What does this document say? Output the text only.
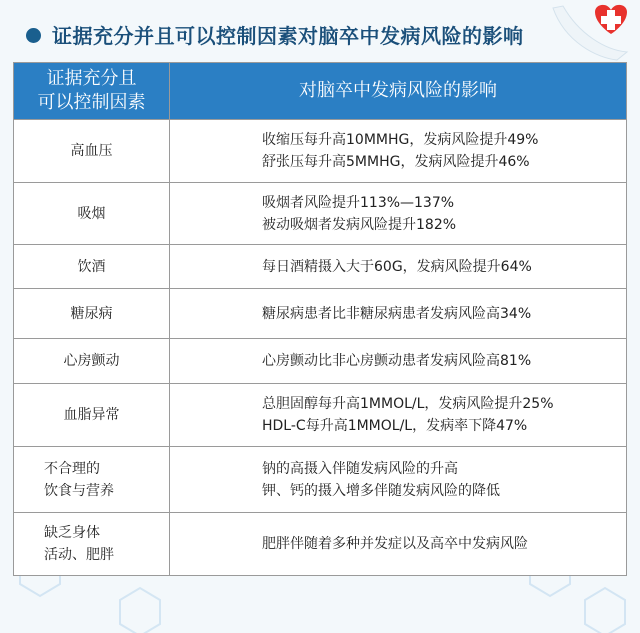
证据充分并且可以控制因素对脑卒中发病风险的影响
证据充分且
可以控制因素	对脑卒中发病风险的影响
高血压	收缩压每升高10MMHG，发病风险提升49%
舒张压每升高5MMHG，发病风险提升46%

吸烟	吸烟者风险提升113%—137%
被动吸烟者发病风险提升182%

饮酒	每日酒精摄入大于60G，发病风险提升64%

糖尿病	糖尿病患者比非糖尿病患者发病风险高34%

心房颤动	心房颤动比非心房颤动患者发病风险高81%

血脂异常	总胆固醇每升高1MMOL/L，发病风险提升25%
HDL-C每升高1MMOL/L，发病率下降47%

不合理的
饮食与营养	钠的高摄入伴随发病风险的升高
钾、钙的摄入增多伴随发病风险的降低

缺乏身体
活动、肥胖	肥胖伴随着多种并发症以及高卒中发病风险
